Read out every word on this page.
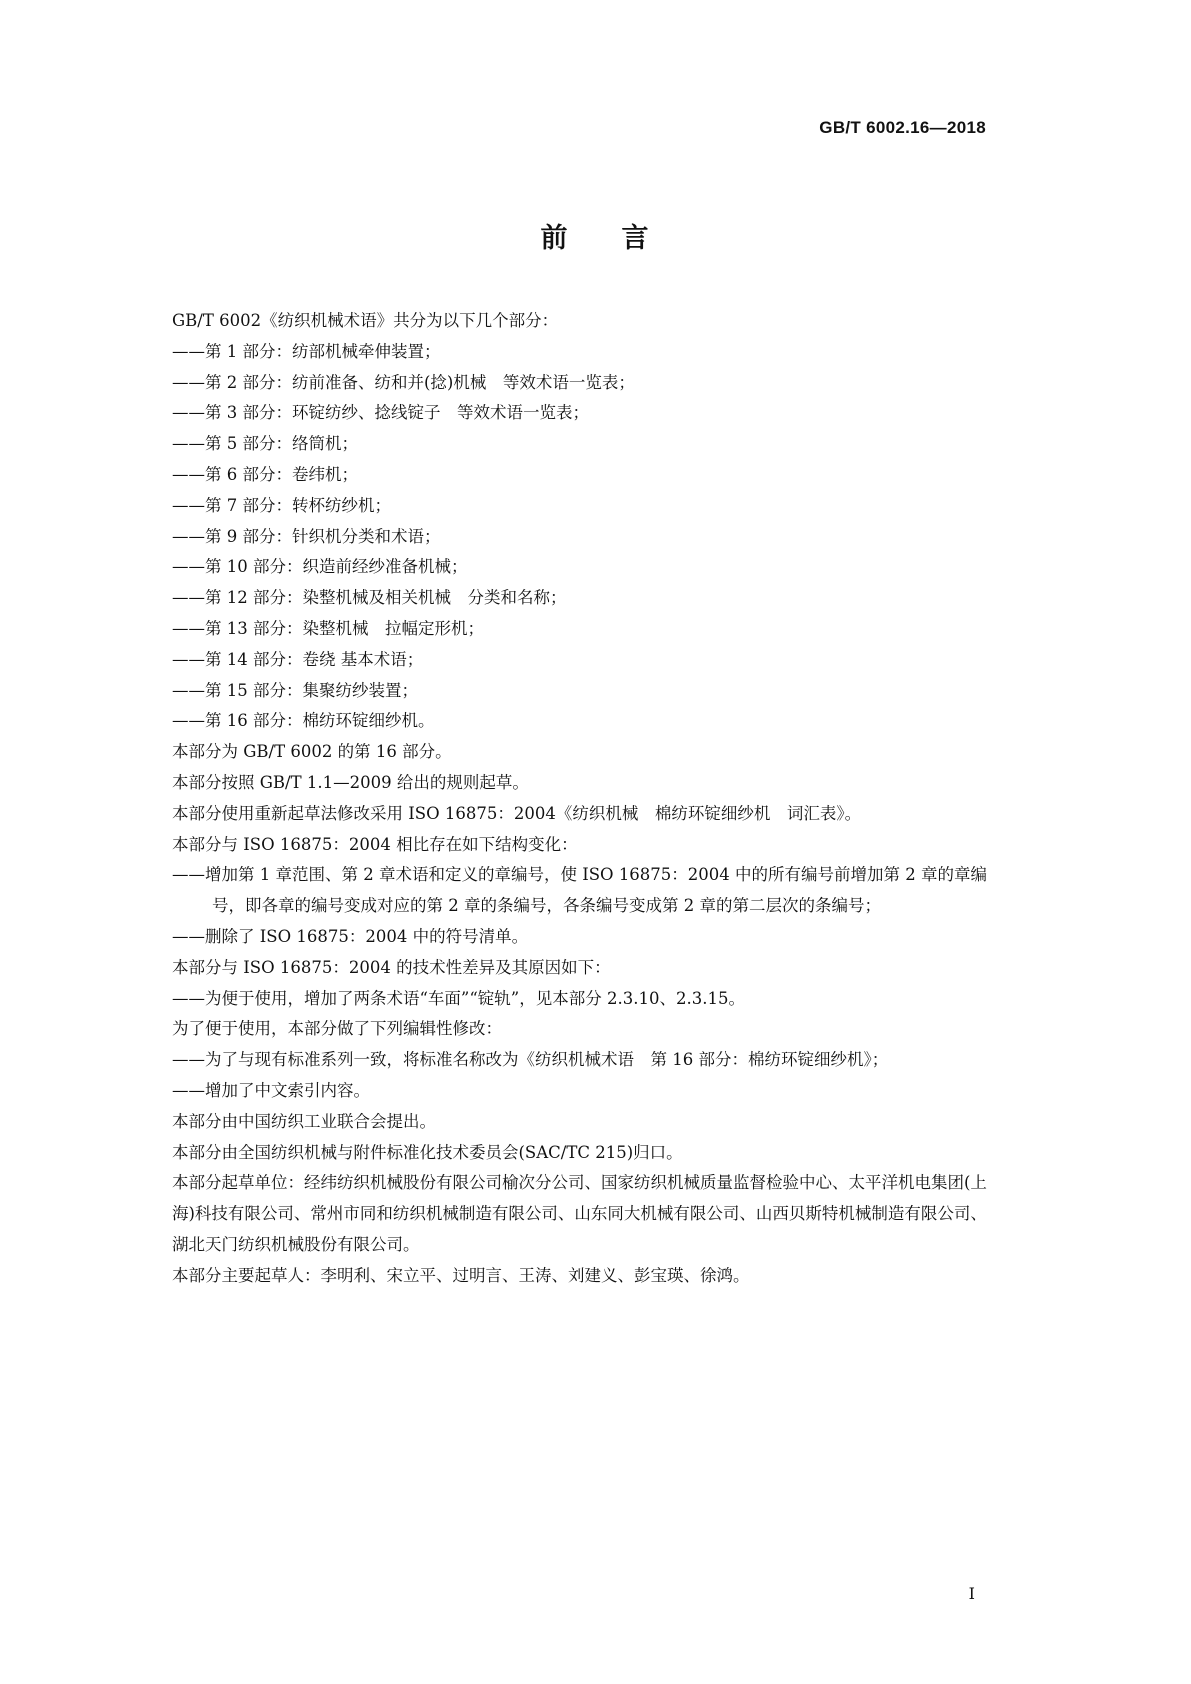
GB/T 6002.16—2018
前 言

GB/T 6002《纺织机械术语》共分为以下几个部分：

——第 1 部分：纺部机械牵伸装置；

——第 2 部分：纺前准备、纺和并(捻)机械　等效术语一览表；

——第 3 部分：环锭纺纱、捻线锭子　等效术语一览表；

——第 5 部分：络筒机；

——第 6 部分：卷纬机；

——第 7 部分：转杯纺纱机；

——第 9 部分：针织机分类和术语；

——第 10 部分：织造前经纱准备机械；

——第 12 部分：染整机械及相关机械　分类和名称；

——第 13 部分：染整机械　拉幅定形机；

——第 14 部分：卷绕 基本术语；

——第 15 部分：集聚纺纱装置；

——第 16 部分：棉纺环锭细纱机。

本部分为 GB/T 6002 的第 16 部分。

本部分按照 GB/T 1.1—2009 给出的规则起草。

本部分使用重新起草法修改采用 ISO 16875：2004《纺织机械　棉纺环锭细纱机　词汇表》。

本部分与 ISO 16875：2004 相比存在如下结构变化：

——增加第 1 章范围、第 2 章术语和定义的章编号，使 ISO 16875：2004 中的所有编号前增加第 2 章的章编号，即各章的编号变成对应的第 2 章的条编号，各条编号变成第 2 章的第二层次的条编号；

——删除了 ISO 16875：2004 中的符号清单。

本部分与 ISO 16875：2004 的技术性差异及其原因如下：

——为便于使用，增加了两条术语“车面”“锭轨”，见本部分 2.3.10、2.3.15。

为了便于使用，本部分做了下列编辑性修改：

——为了与现有标准系列一致，将标准名称改为《纺织机械术语　第 16 部分：棉纺环锭细纱机》；

——增加了中文索引内容。

本部分由中国纺织工业联合会提出。

本部分由全国纺织机械与附件标准化技术委员会(SAC/TC 215)归口。

本部分起草单位：经纬纺织机械股份有限公司榆次分公司、国家纺织机械质量监督检验中心、太平洋机电集团(上海)科技有限公司、常州市同和纺织机械制造有限公司、山东同大机械有限公司、山西贝斯特机械制造有限公司、湖北天门纺织机械股份有限公司。

本部分主要起草人：李明利、宋立平、过明言、王涛、刘建义、彭宝瑛、徐鸿。

I
